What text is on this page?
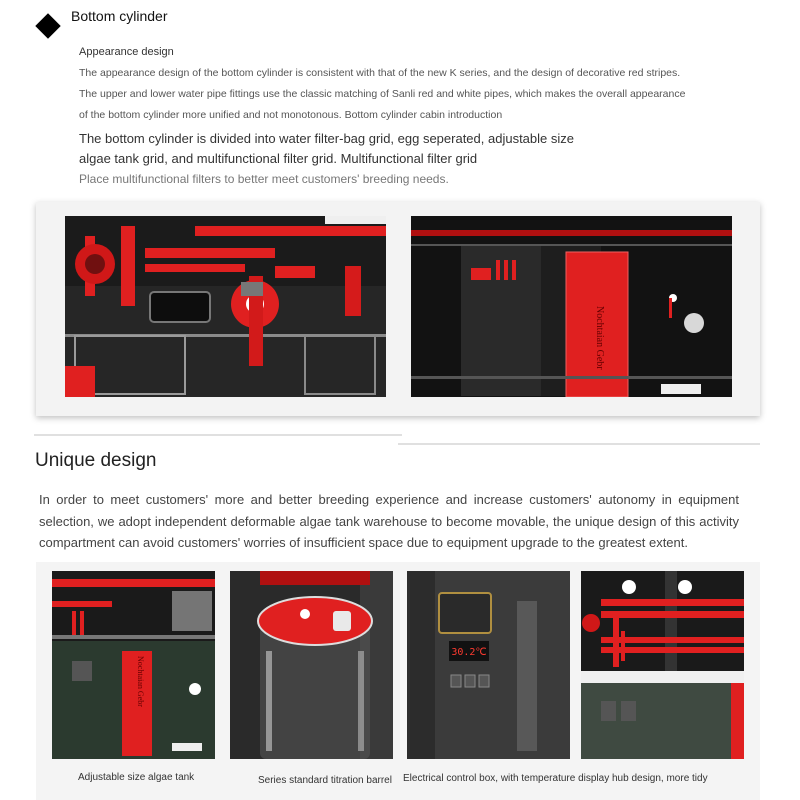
Bottom cylinder
Appearance design
The appearance design of the bottom cylinder is consistent with that of the new K series, and the design of decorative red stripes. The upper and lower water pipe fittings use the classic matching of Sanli red and white pipes, which makes the overall appearance of the bottom cylinder more unified and not monotonous. Bottom cylinder cabin introduction
The bottom cylinder is divided into water filter-bag grid, egg seperated, adjustable size algae tank grid, and multifunctional filter grid. Multifunctional filter grid
Place multifunctional filters to better meet customers' breeding needs.
Nochtaian Gebr
Unique design
In order to meet customers' more and better breeding experience and increase customers' autonomy in equipment selection, we adopt independent deformable algae tank warehouse to become movable, the unique design of this activity compartment can avoid customers' worries of insufficient space due to equipment upgrade to the greatest extent.
Nochtaian Gebr
30.2℃
Adjustable size algae tank	Series standard titration barrel Electrical control box, with temperature display hub design, more tidy
